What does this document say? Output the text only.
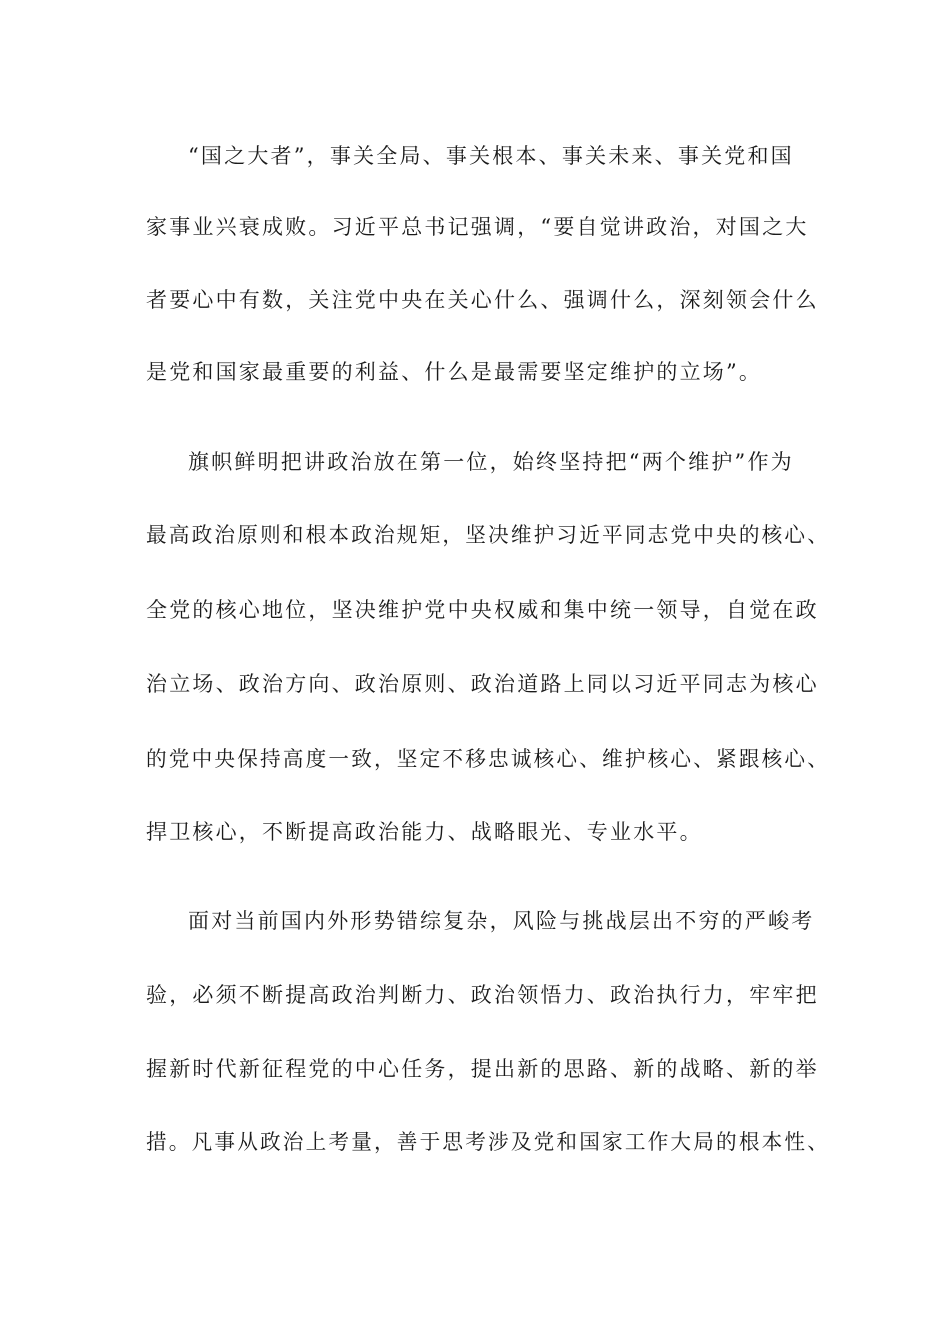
“国之大者”，事关全局、事关根本、事关未来、事关党和国
家事业兴衰成败。习近平总书记强调，“要自觉讲政治，对国之大
者要心中有数，关注党中央在关心什么、强调什么，深刻领会什么
是党和国家最重要的利益、什么是最需要坚定维护的立场”。
旗帜鲜明把讲政治放在第一位，始终坚持把“两个维护”作为
最高政治原则和根本政治规矩，坚决维护习近平同志党中央的核心、
全党的核心地位，坚决维护党中央权威和集中统一领导，自觉在政
治立场、政治方向、政治原则、政治道路上同以习近平同志为核心
的党中央保持高度一致，坚定不移忠诚核心、维护核心、紧跟核心、
捍卫核心，不断提高政治能力、战略眼光、专业水平。
面对当前国内外形势错综复杂，风险与挑战层出不穷的严峻考
验，必须不断提高政治判断力、政治领悟力、政治执行力，牢牢把
握新时代新征程党的中心任务，提出新的思路、新的战略、新的举
措。凡事从政治上考量，善于思考涉及党和国家工作大局的根本性、
